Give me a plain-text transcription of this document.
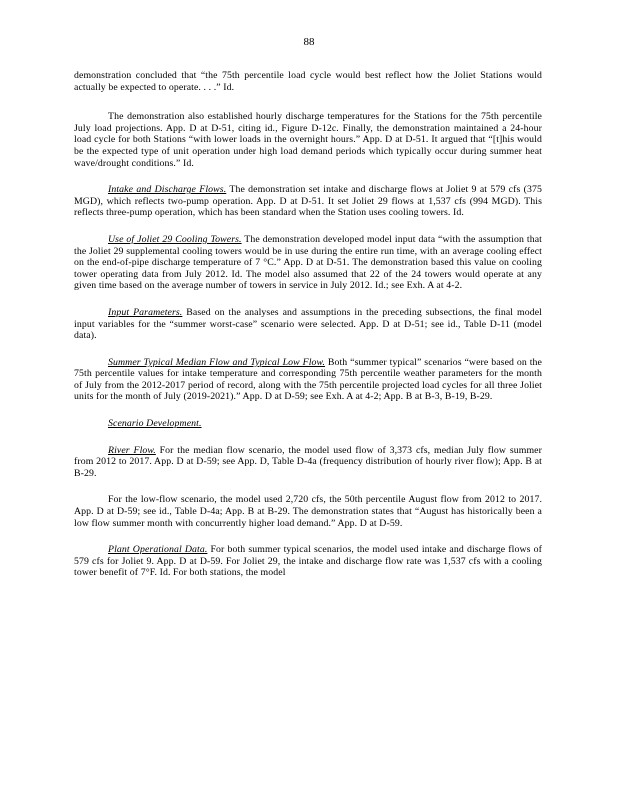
88

demonstration concluded that “the 75th percentile load cycle would best reflect how the Joliet Stations would actually be expected to operate. . . .” Id.

The demonstration also established hourly discharge temperatures for the Stations for the 75th percentile July load projections. App. D at D-51, citing id., Figure D-12c. Finally, the demonstration maintained a 24-hour load cycle for both Stations “with lower loads in the overnight hours.” App. D at D-51. It argued that “[t]his would be the expected type of unit operation under high load demand periods which typically occur during summer heat wave/drought conditions.” Id.

Intake and Discharge Flows. The demonstration set intake and discharge flows at Joliet 9 at 579 cfs (375 MGD), which reflects two-pump operation. App. D at D-51. It set Joliet 29 flows at 1,537 cfs (994 MGD). This reflects three-pump operation, which has been standard when the Station uses cooling towers. Id.

Use of Joliet 29 Cooling Towers. The demonstration developed model input data “with the assumption that the Joliet 29 supplemental cooling towers would be in use during the entire run time, with an average cooling effect on the end-of-pipe discharge temperature of 7 °C.” App. D at D-51. The demonstration based this value on cooling tower operating data from July 2012. Id. The model also assumed that 22 of the 24 towers would operate at any given time based on the average number of towers in service in July 2012. Id.; see Exh. A at 4-2.

Input Parameters. Based on the analyses and assumptions in the preceding subsections, the final model input variables for the “summer worst-case” scenario were selected. App. D at D-51; see id., Table D-11 (model data).

Summer Typical Median Flow and Typical Low Flow. Both “summer typical” scenarios “were based on the 75th percentile values for intake temperature and corresponding 75th percentile weather parameters for the month of July from the 2012-2017 period of record, along with the 75th percentile projected load cycles for all three Joliet units for the month of July (2019-2021).” App. D at D-59; see Exh. A at 4-2; App. B at B-3, B-19, B-29.

Scenario Development.

River Flow. For the median flow scenario, the model used flow of 3,373 cfs, median July flow summer from 2012 to 2017. App. D at D-59; see App. D, Table D-4a (frequency distribution of hourly river flow); App. B at B-29.

For the low-flow scenario, the model used 2,720 cfs, the 50th percentile August flow from 2012 to 2017. App. D at D-59; see id., Table D-4a; App. B at B-29. The demonstration states that “August has historically been a low flow summer month with concurrently higher load demand.” App. D at D-59.

Plant Operational Data. For both summer typical scenarios, the model used intake and discharge flows of 579 cfs for Joliet 9. App. D at D-59. For Joliet 29, the intake and discharge flow rate was 1,537 cfs with a cooling tower benefit of 7°F. Id. For both stations, the model
